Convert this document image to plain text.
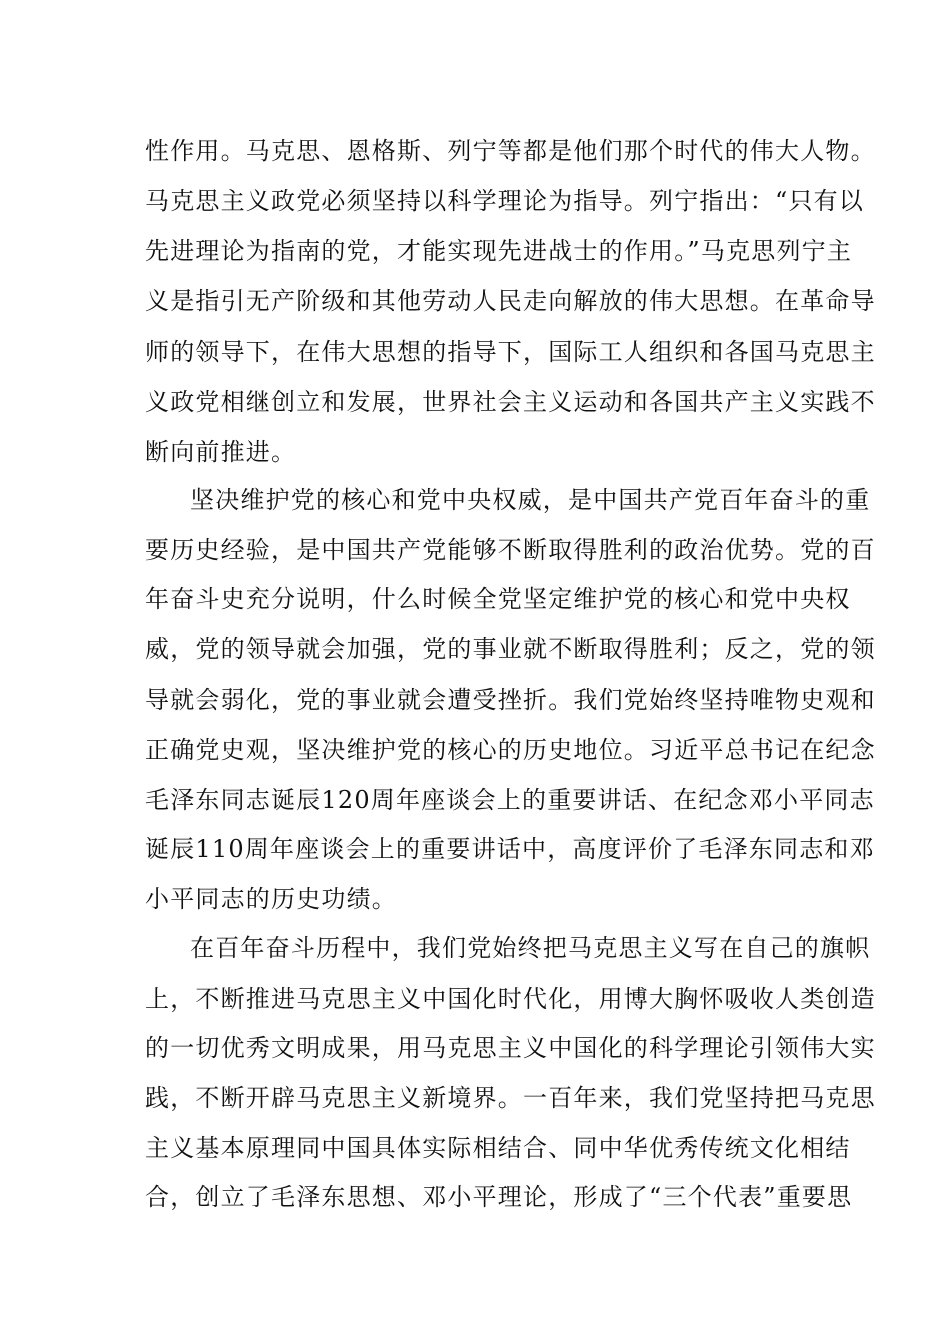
性作用。马克思、恩格斯、列宁等都是他们那个时代的伟大人物。
马克思主义政党必须坚持以科学理论为指导。列宁指出：“只有以
先进理论为指南的党，才能实现先进战士的作用。”马克思列宁主
义是指引无产阶级和其他劳动人民走向解放的伟大思想。在革命导
师的领导下，在伟大思想的指导下，国际工人组织和各国马克思主
义政党相继创立和发展，世界社会主义运动和各国共产主义实践不
断向前推进。
坚决维护党的核心和党中央权威，是中国共产党百年奋斗的重
要历史经验，是中国共产党能够不断取得胜利的政治优势。党的百
年奋斗史充分说明，什么时候全党坚定维护党的核心和党中央权
威，党的领导就会加强，党的事业就不断取得胜利；反之，党的领
导就会弱化，党的事业就会遭受挫折。我们党始终坚持唯物史观和
正确党史观，坚决维护党的核心的历史地位。习近平总书记在纪念
毛泽东同志诞辰120周年座谈会上的重要讲话、在纪念邓小平同志
诞辰110周年座谈会上的重要讲话中，高度评价了毛泽东同志和邓
小平同志的历史功绩。
在百年奋斗历程中，我们党始终把马克思主义写在自己的旗帜
上，不断推进马克思主义中国化时代化，用博大胸怀吸收人类创造
的一切优秀文明成果，用马克思主义中国化的科学理论引领伟大实
践，不断开辟马克思主义新境界。一百年来，我们党坚持把马克思
主义基本原理同中国具体实际相结合、同中华优秀传统文化相结
合，创立了毛泽东思想、邓小平理论，形成了“三个代表”重要思
